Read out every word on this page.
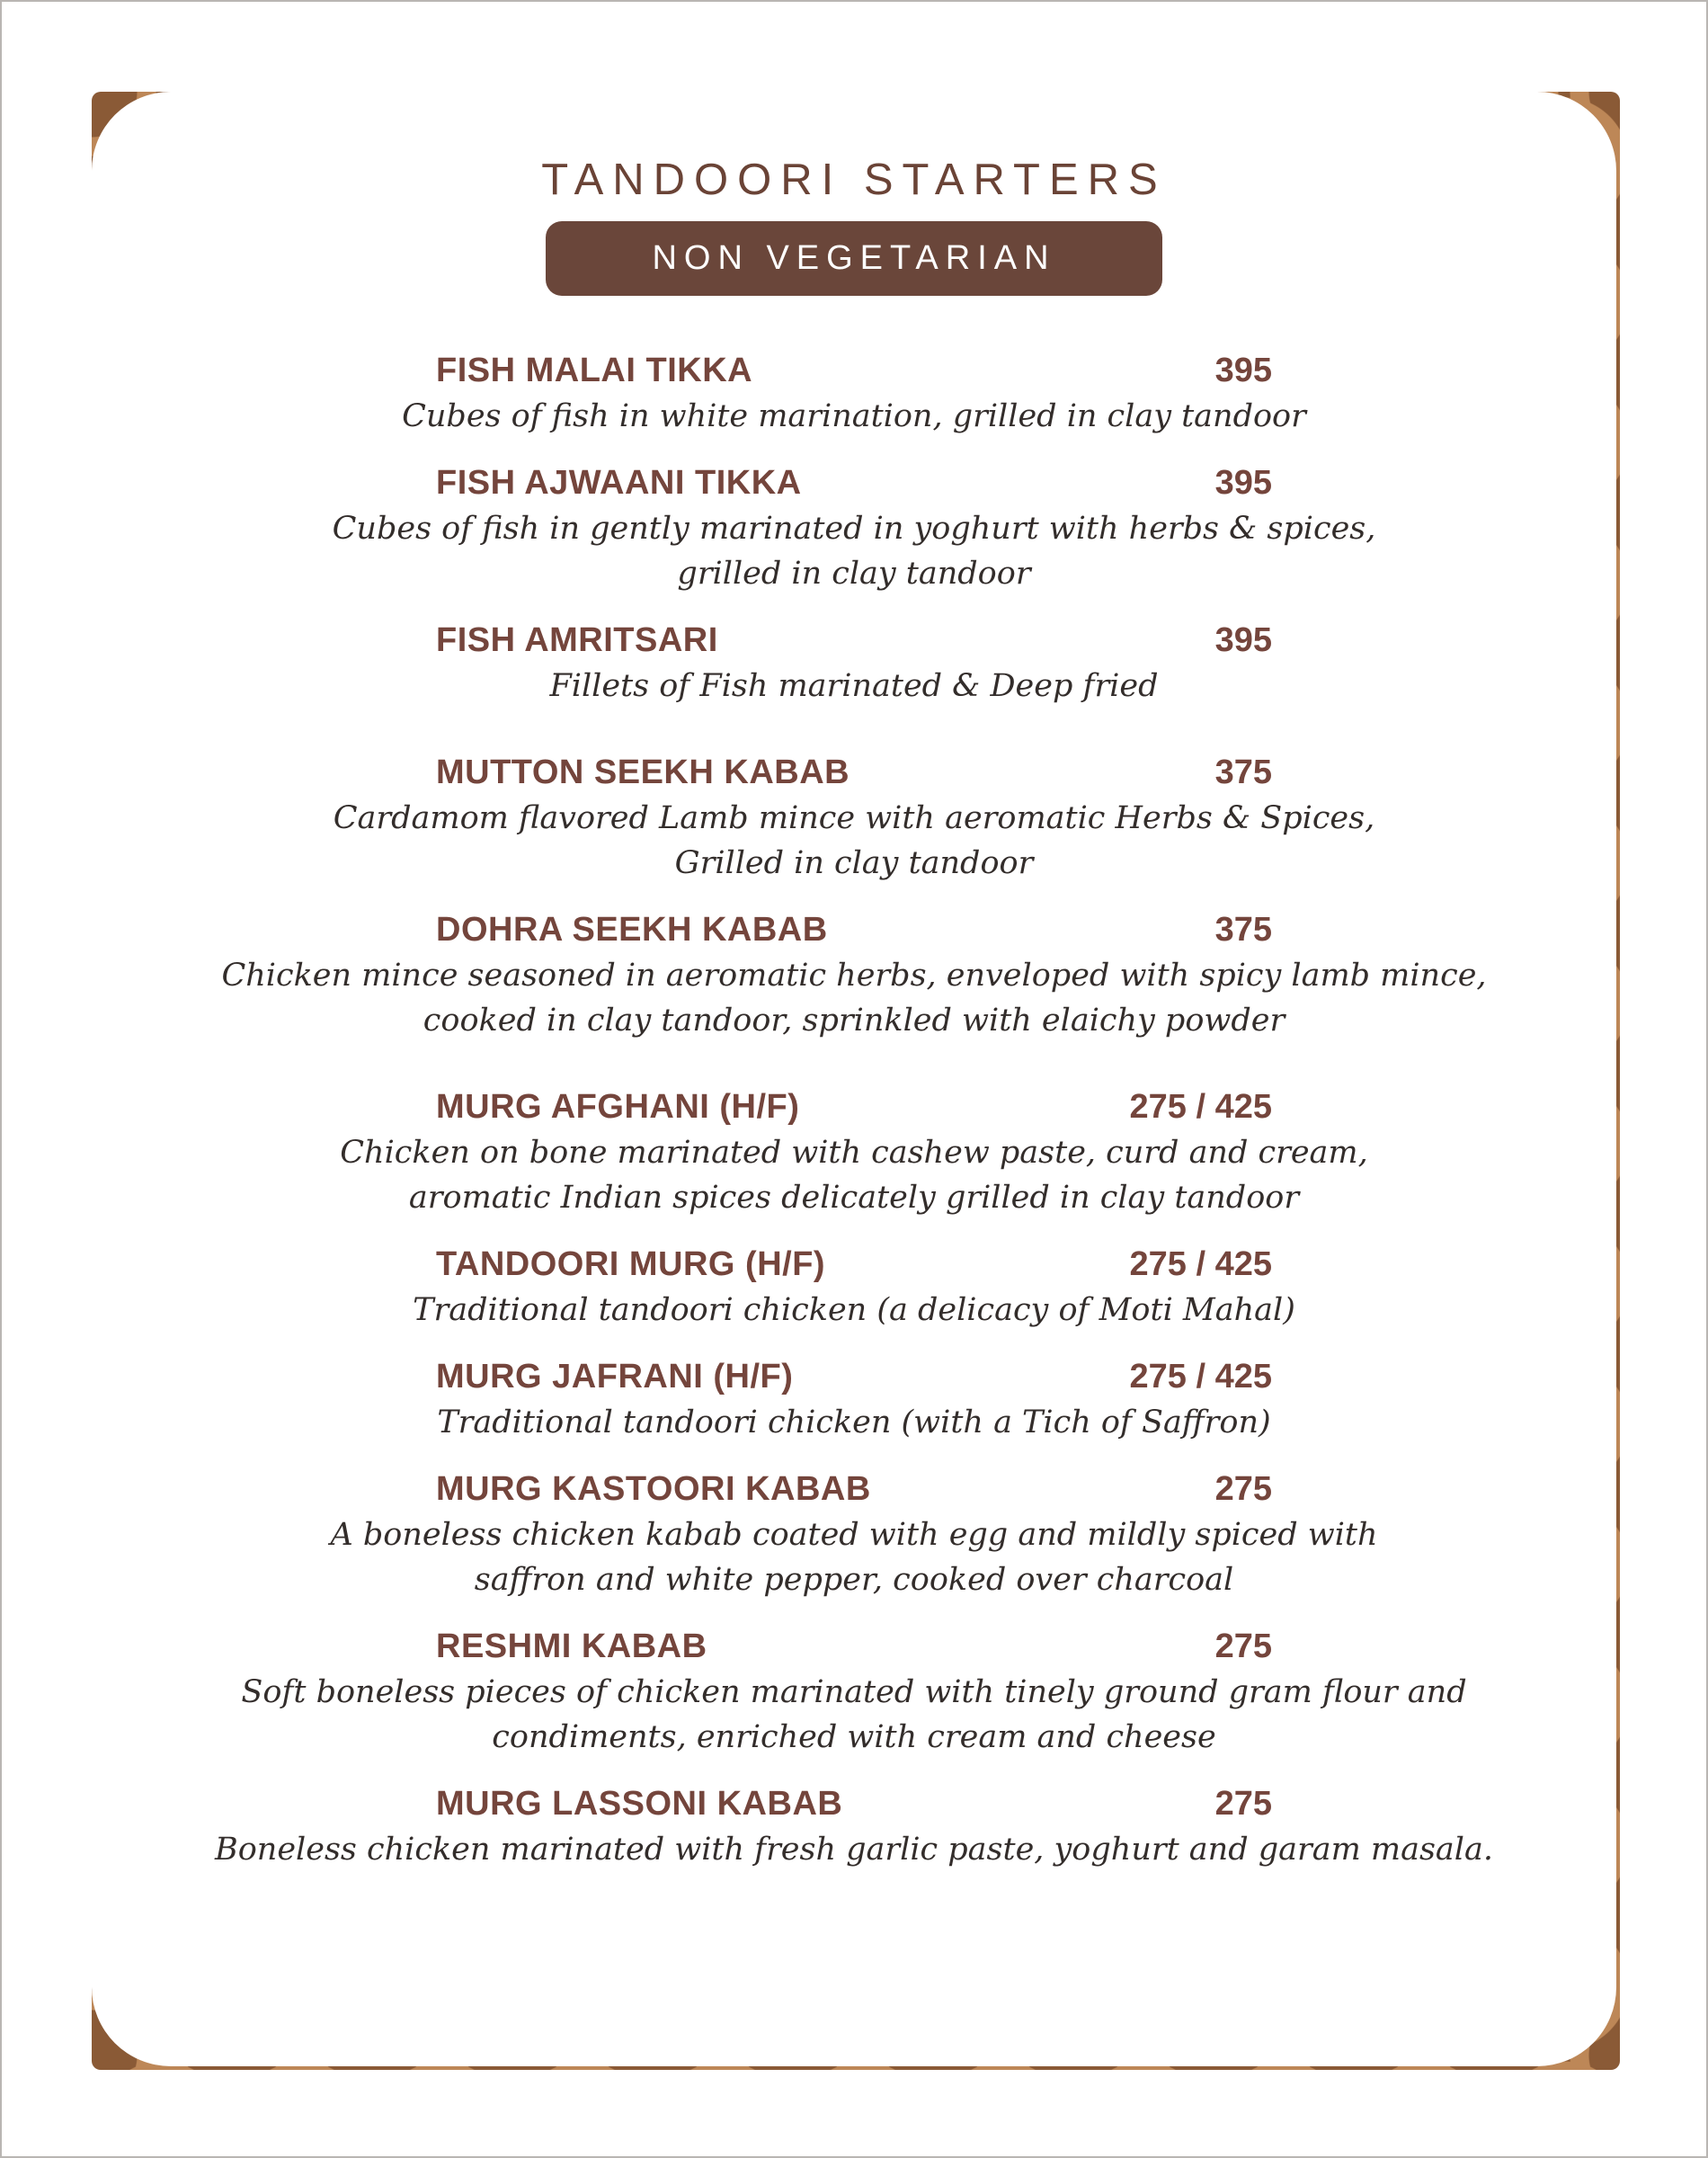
TANDOORI STARTERS
NON VEGETARIAN
FISH MALAI TIKKA	395
Cubes of fish in white marination, grilled in clay tandoor
FISH AJWAANI TIKKA	395
Cubes of fish in gently marinated in yoghurt with herbs & spices,
grilled in clay tandoor
FISH AMRITSARI	395
Fillets of Fish marinated & Deep fried
MUTTON SEEKH KABAB	375
Cardamom flavored Lamb mince with aeromatic Herbs & Spices,
Grilled in clay tandoor
DOHRA SEEKH KABAB	375
Chicken mince seasoned in aeromatic herbs, enveloped with spicy lamb mince,
cooked in clay tandoor, sprinkled with elaichy powder
MURG AFGHANI (H/F)	275 / 425
Chicken on bone marinated with cashew paste, curd and cream,
aromatic Indian spices delicately grilled in clay tandoor
TANDOORI MURG (H/F)	275 / 425
Traditional tandoori chicken (a delicacy of Moti Mahal)
MURG JAFRANI (H/F)	275 / 425
Traditional tandoori chicken (with a Tich of Saffron)
MURG KASTOORI KABAB	275
A boneless chicken kabab coated with egg and mildly spiced with
saffron and white pepper, cooked over charcoal
RESHMI KABAB	275
Soft boneless pieces of chicken marinated with tinely ground gram flour and
condiments, enriched with cream and cheese
MURG LASSONI KABAB	275
Boneless chicken marinated with fresh garlic paste, yoghurt and garam masala.
